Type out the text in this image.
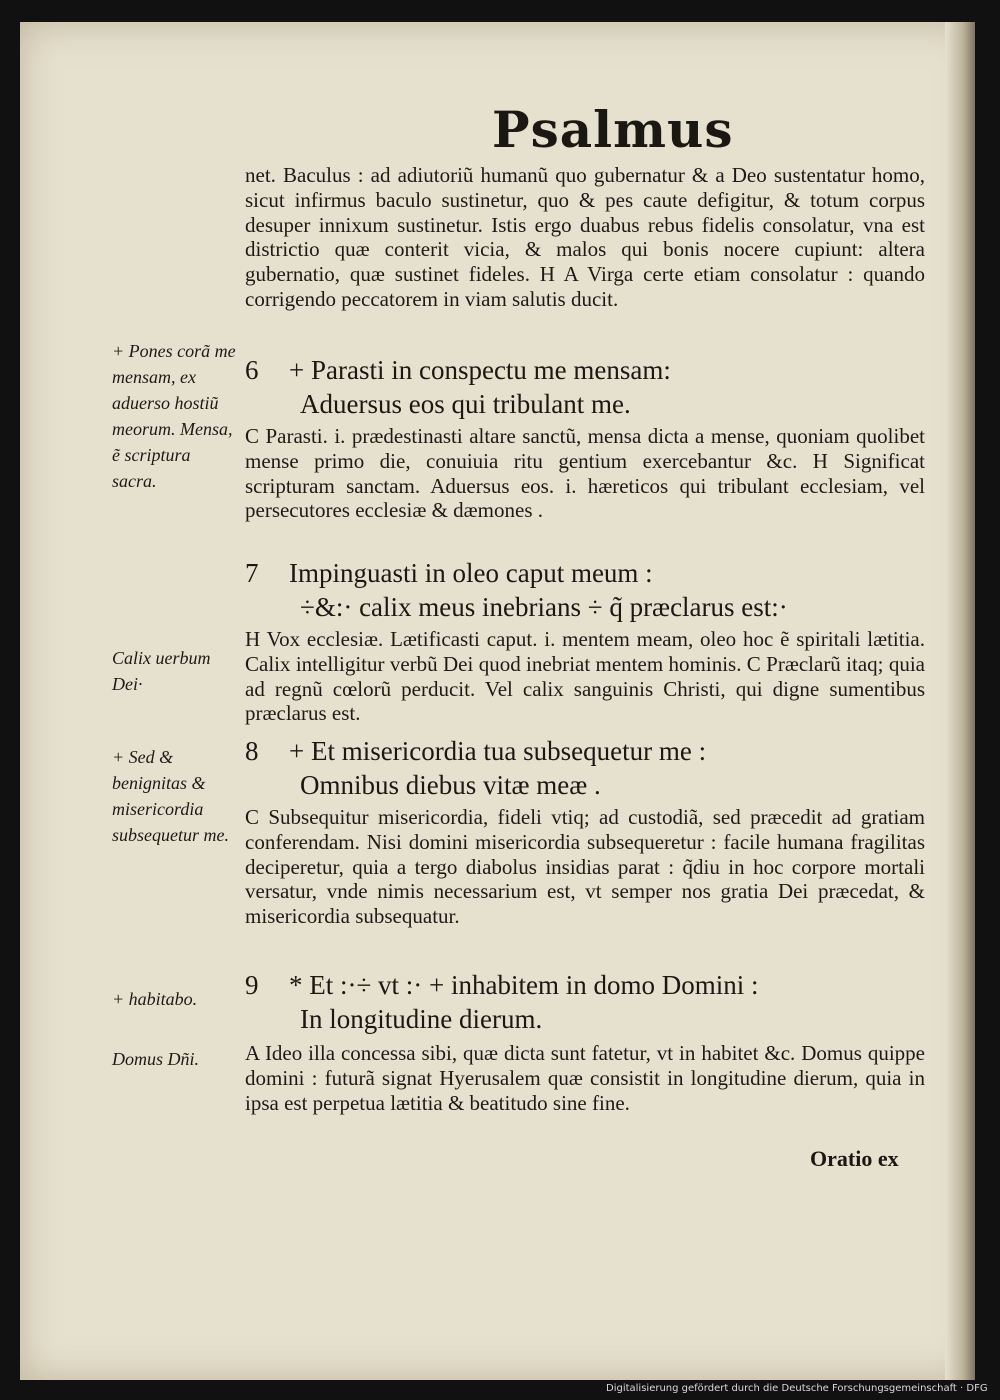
Psalmus

net. Baculus : ad adiutoriũ humanũ quo gubernatur & a Deo sustentatur homo, sicut infirmus baculo sustinetur, quo & pes caute defigitur, & totum corpus desuper innixum sustinetur. Istis ergo duabus rebus fidelis consolatur, vna est districtio quæ conterit vicia, & malos qui bonis nocere cupiunt: altera gubernatio, quæ sustinet fideles. H A Virga certe etiam consolatur : quando corrigendo peccatorem in viam salutis ducit.

6 + Parasti in conspectu me mensam:
Aduersus eos qui tribulant me.

C Parasti. i. prædestinasti altare sanctũ, mensa dicta a mense, quoniam quolibet mense primo die, conuiuia ritu gentium exercebantur &c. H Significat scripturam sanctam. Aduersus eos. i. hæreticos qui tribulant ecclesiam, vel persecutores ecclesiæ & dæmones .

7 Impinguasti in oleo caput meum :
÷&:· calix meus inebrians ÷ q̃ præclarus est:·

H Vox ecclesiæ. Lætificasti caput. i. mentem meam, oleo hoc ẽ spiritali lætitia. Calix intelligitur verbũ Dei quod inebriat mentem hominis. C Præclarũ itaq; quia ad regnũ cœlorũ perducit. Vel calix sanguinis Christi, qui digne sumentibus præclarus est.

8 + Et misericordia tua subsequetur me :
Omnibus diebus vitæ meæ .

C Subsequitur misericordia, fideli vtiq; ad custodiã, sed præcedit ad gratiam conferendam. Nisi domini misericordia subsequeretur : facile humana fragilitas deciperetur, quia a tergo diabolus insidias parat : q̃diu in hoc corpore mortali versatur, vnde nimis necessarium est, vt semper nos gratia Dei præcedat, & misericordia subsequatur.

9 * Et :·÷ vt :· + inhabitem in domo Domini :
In longitudine dierum.

A Ideo illa concessa sibi, quæ dicta sunt fatetur, vt in habitet &c. Domus quippe domini : futurã signat Hyerusalem quæ consistit in longitudine dierum, quia in ipsa est perpetua lætitia & beatitudo sine fine.

+ Pones corã me mensam, ex aduerso hostiũ meorum. Mensa, ẽ scriptura sacra.
Calix uerbum Dei·
+ Sed & benignitas & misericordia subsequetur me.
+ habitabo.
Domus Dñi.
Oratio ex
Digitalisierung gefördert durch die Deutsche Forschungsgemeinschaft · DFG
